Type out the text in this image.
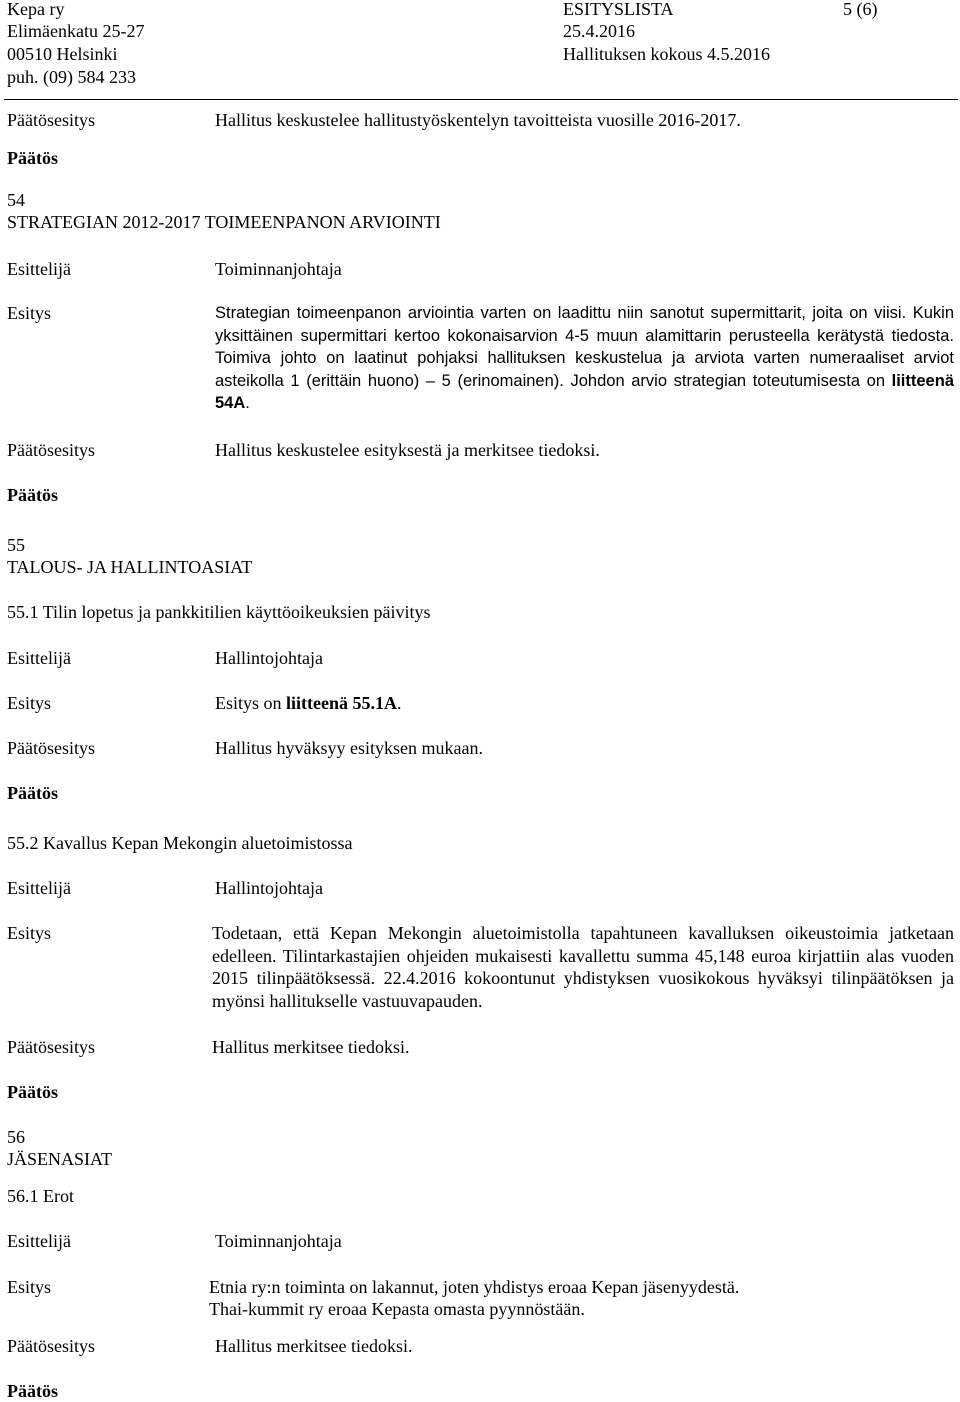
Kepa ry
Elimäenkatu 25-27
00510 Helsinki
puh. (09) 584 233
ESITYSLISTA
25.4.2016
Hallituksen kokous 4.5.2016
5 (6)
Päätösesitys	Hallitus keskustelee hallitustyöskentelyn tavoitteista vuosille 2016-2017.
Päätös
54
STRATEGIAN 2012-2017 TOIMEENPANON ARVIOINTI
Esittelijä	Toiminnanjohtaja
Esitys	Strategian toimeenpanon arviointia varten on laadittu niin sanotut supermittarit, joita on viisi. Kukin yksittäinen supermittari kertoo kokonaisarvion 4-5 muun alamittarin perusteella kerätystä tiedosta. Toimiva johto on laatinut pohjaksi hallituksen keskustelua ja arviota varten numeraaliset arviot asteikolla 1 (erittäin huono) – 5 (erinomainen). Johdon arvio strategian toteutumisesta on liitteenä 54A.
Päätösesitys	Hallitus keskustelee esityksestä ja merkitsee tiedoksi.
Päätös
55
TALOUS- JA HALLINTOASIAT
55.1 Tilin lopetus ja pankkitilien käyttöoikeuksien päivitys
Esittelijä	Hallintojohtaja
Esitys	Esitys on liitteenä 55.1A.
Päätösesitys	Hallitus hyväksyy esityksen mukaan.
Päätös
55.2 Kavallus Kepan Mekongin aluetoimistossa
Esittelijä	Hallintojohtaja
Esitys	Todetaan, että Kepan Mekongin aluetoimistolla tapahtuneen kavalluksen oikeustoimia jatketaan edelleen. Tilintarkastajien ohjeiden mukaisesti kavallettu summa 45,148 euroa kirjattiin alas vuoden 2015 tilinpäätöksessä. 22.4.2016 kokoontunut yhdistyksen vuosikokous hyväksyi tilinpäätöksen ja myönsi hallitukselle vastuuvapauden.
Päätösesitys	Hallitus merkitsee tiedoksi.
Päätös
56
JÄSENASIAT
56.1 Erot
Esittelijä	Toiminnanjohtaja
Esitys	Etnia ry:n toiminta on lakannut, joten yhdistys eroaa Kepan jäsenyydestä.
Thai-kummit ry eroaa Kepasta omasta pyynnöstään.
Päätösesitys	Hallitus merkitsee tiedoksi.
Päätös
